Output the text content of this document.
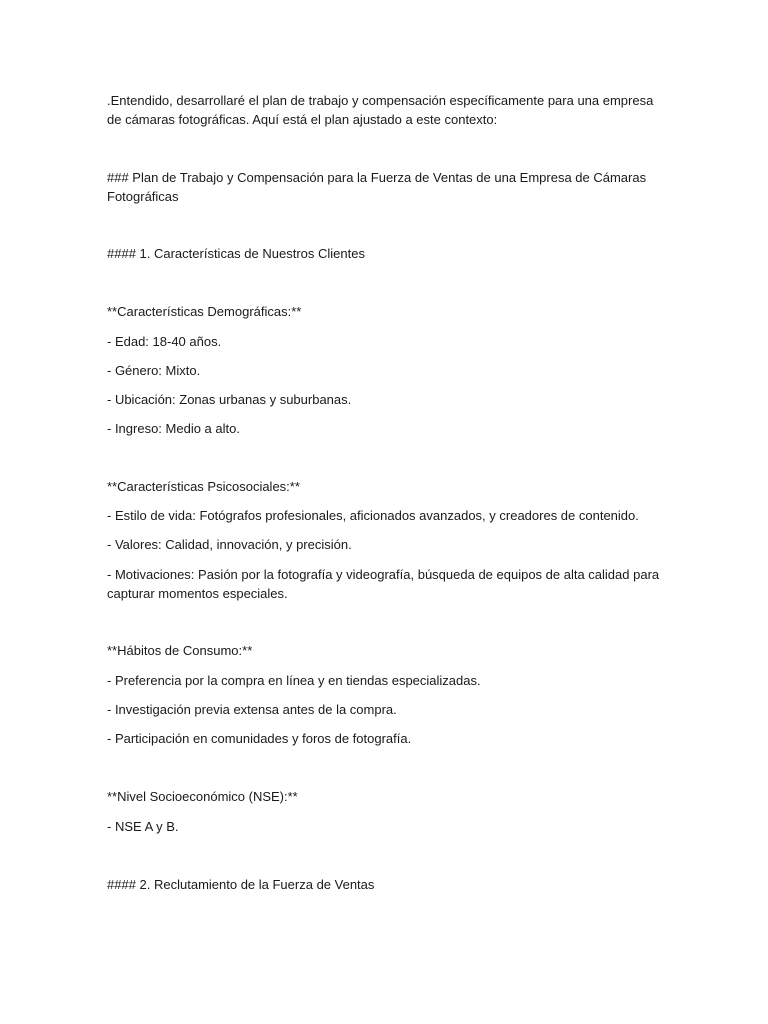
.Entendido, desarrollaré el plan de trabajo y compensación específicamente para una empresa de cámaras fotográficas. Aquí está el plan ajustado a este contexto:
### Plan de Trabajo y Compensación para la Fuerza de Ventas de una Empresa de Cámaras Fotográficas
#### 1. Características de Nuestros Clientes
**Características Demográficas:**
- Edad: 18-40 años.
- Género: Mixto.
- Ubicación: Zonas urbanas y suburbanas.
- Ingreso: Medio a alto.
**Características Psicosociales:**
- Estilo de vida: Fotógrafos profesionales, aficionados avanzados, y creadores de contenido.
- Valores: Calidad, innovación, y precisión.
- Motivaciones: Pasión por la fotografía y videografía, búsqueda de equipos de alta calidad para capturar momentos especiales.
**Hábitos de Consumo:**
- Preferencia por la compra en línea y en tiendas especializadas.
- Investigación previa extensa antes de la compra.
- Participación en comunidades y foros de fotografía.
**Nivel Socioeconómico (NSE):**
- NSE A y B.
#### 2. Reclutamiento de la Fuerza de Ventas
